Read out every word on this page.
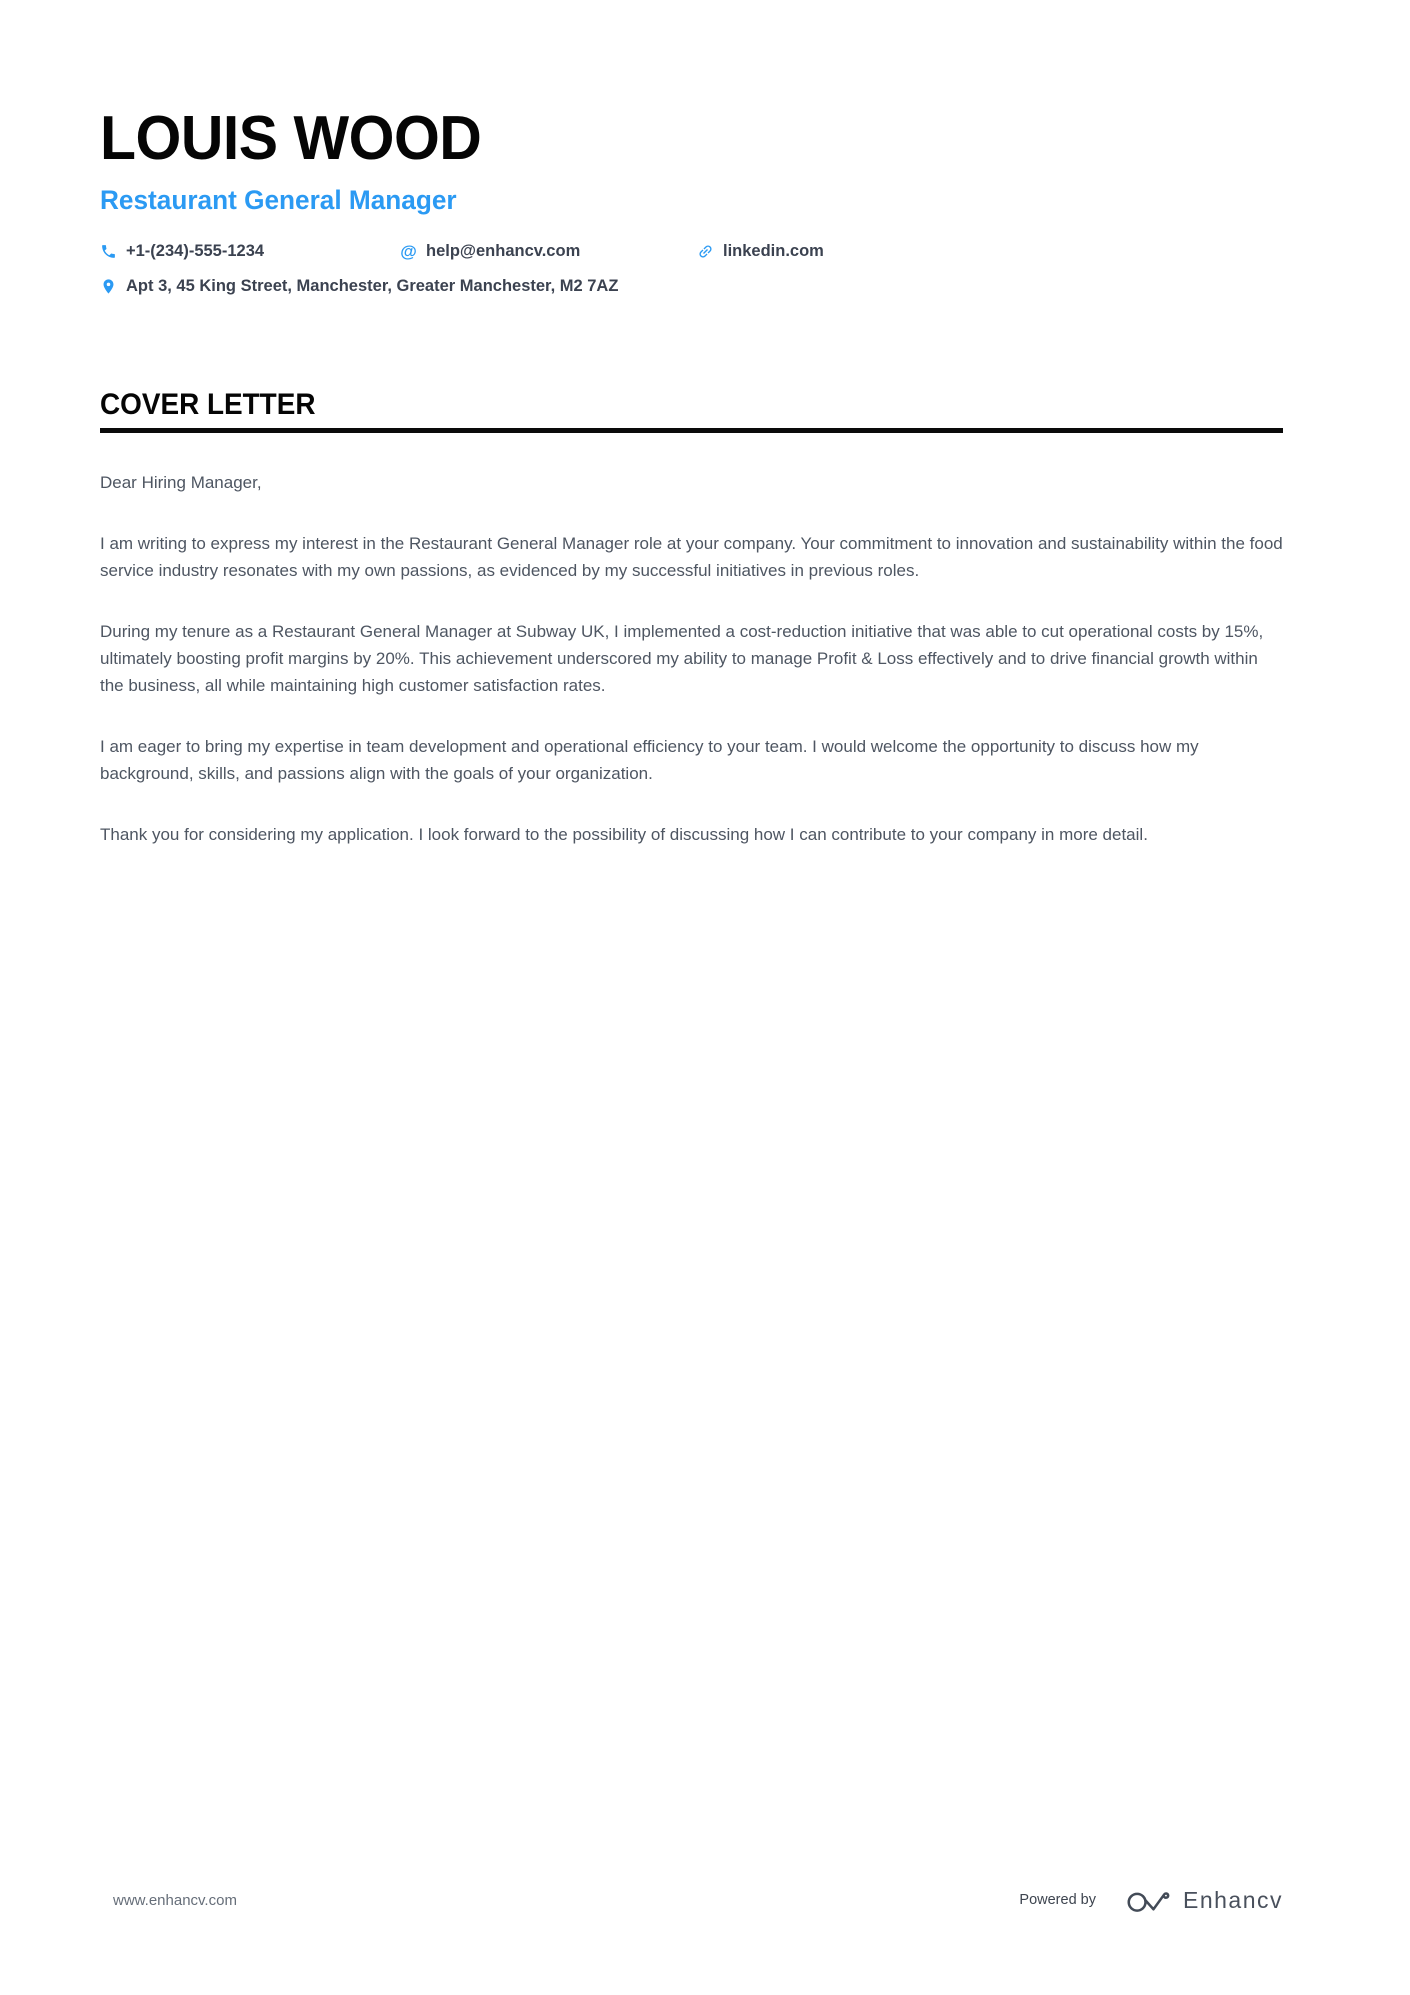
LOUIS WOOD
Restaurant General Manager
+1-(234)-555-1234	@ help@enhancv.com	linkedin.com
Apt 3, 45 King Street, Manchester, Greater Manchester, M2 7AZ
COVER LETTER

Dear Hiring Manager,

I am writing to express my interest in the Restaurant General Manager role at your company. Your commitment to innovation and sustainability within the food service industry resonates with my own passions, as evidenced by my successful initiatives in previous roles.

During my tenure as a Restaurant General Manager at Subway UK, I implemented a cost-reduction initiative that was able to cut operational costs by 15%, ultimately boosting profit margins by 20%. This achievement underscored my ability to manage Profit & Loss effectively and to drive financial growth within the business, all while maintaining high customer satisfaction rates.

I am eager to bring my expertise in team development and operational efficiency to your team. I would welcome the opportunity to discuss how my background, skills, and passions align with the goals of your organization.

Thank you for considering my application. I look forward to the possibility of discussing how I can contribute to your company in more detail.

www.enhancv.com	Powered by	Enhancv
